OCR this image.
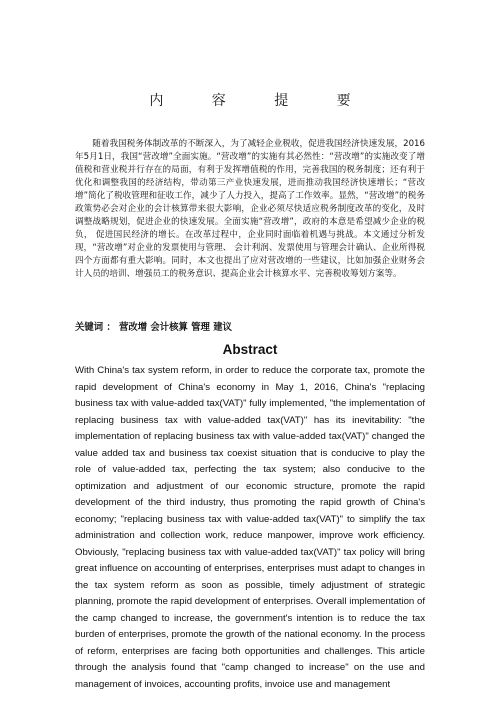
内 容 提 要

随着我国税务体制改革的不断深入，为了减轻企业税收，促进我国经济快速发展，2016年5月1日，我国“营改增”全面实施。“营改增”的实施有其必然性：“营改增”的实施改变了增值税和营业税并行存在的局面，有利于发挥增值税的作用，完善我国的税务制度；还有利于优化和调整我国的经济结构，带动第三产业快速发展，进而推动我国经济快速增长；“营改增”简化了税收管理和征收工作，减少了人力投入，提高了工作效率。显然，“营改增”的税务政策势必会对企业的会计核算带来很大影响，企业必须尽快适应税务制度改革的变化，及时调整战略规划，促进企业的快速发展。全面实施“营改增”，政府的本意是希望减少企业的税负， 促进国民经济的增长。在改革过程中，企业同时面临着机遇与挑战。本文通过分析发现，“营改增”对企业的发票使用与管理、 会计利润、发票使用与管理会计确认、企业所得税四个方面都有重大影响。同时，本文也提出了应对营改增的一些建议，比如加强企业财务会计人员的培训、增强员工的税务意识、提高企业会计核算水平、完善税收筹划方案等。

关键词 ： 营改增 会计核算 管理 建议

Abstract

With China's tax system reform, in order to reduce the corporate tax, promote the rapid development of China's economy in May 1, 2016, China's "replacing business tax with value-added tax(VAT)" fully implemented, "the implementation of replacing business tax with value-added tax(VAT)" has its inevitability: "the implementation of replacing business tax with value-added tax(VAT)" changed the value added tax and business tax coexist situation that is conducive to play the role of value-added tax, perfecting the tax system; also conducive to the optimization and adjustment of our economic structure, promote the rapid development of the third industry, thus promoting the rapid growth of China's economy; "replacing business tax with value-added tax(VAT)" to simplify the tax administration and collection work, reduce manpower, improve work efficiency. Obviously, "replacing business tax with value-added tax(VAT)" tax policy will bring great influence on accounting of enterprises, enterprises must adapt to changes in the tax system reform as soon as possible, timely adjustment of strategic planning, promote the rapid development of enterprises. Overall implementation of the camp changed to increase, the government's intention is to reduce the tax burden of enterprises, promote the growth of the national economy. In the process of reform, enterprises are facing both opportunities and challenges. This article through the analysis found that "camp changed to increase" on the use and management of invoices, accounting profits, invoice use and management
